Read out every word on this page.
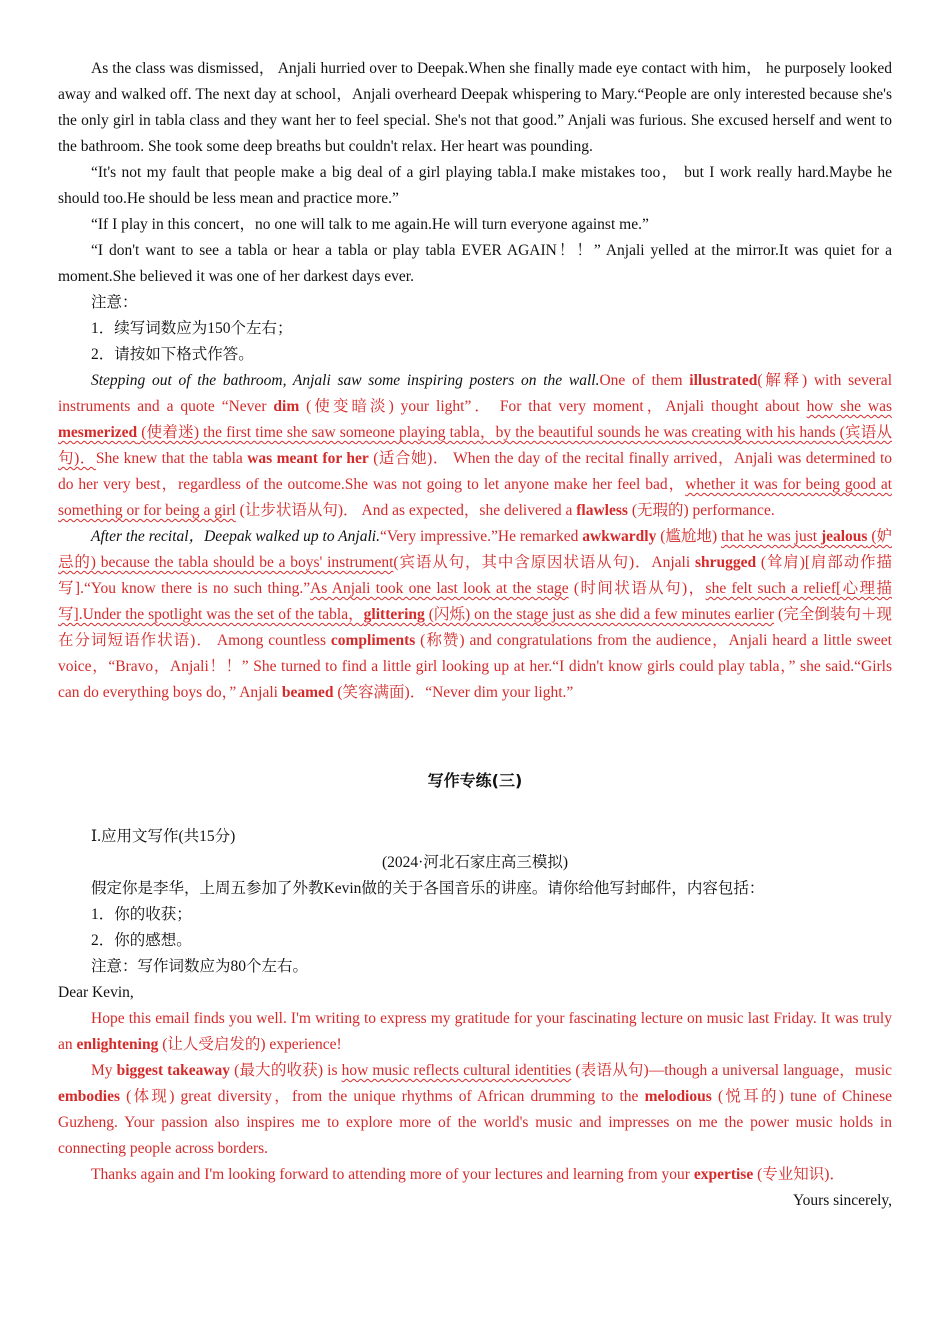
As the class was dismissed， Anjali hurried over to Deepak.When she finally made eye contact with him， he purposely looked away and walked off. The next day at school，Anjali overheard Deepak whispering to Mary.“People are only interested because she's the only girl in tabla class and they want her to feel special. She's not that good.” Anjali was furious. She excused herself and went to the bathroom. She took some deep breaths but couldn't relax. Her heart was pounding.

“It's not my fault that people make a big deal of a girl playing tabla.I make mistakes too， but I work really hard.Maybe he should too.He should be less mean and practice more.”

“If I play in this concert，no one will talk to me again.He will turn everyone against me.”

“I don't want to see a tabla or hear a tabla or play tabla EVER AGAIN！！” Anjali yelled at the mirror.It was quiet for a moment.She believed it was one of her darkest days ever.

注意：

1．续写词数应为150个左右；

2．请按如下格式作答。

Stepping out of the bathroom, Anjali saw some inspiring posters on the wall.One of them illustrated(解释) with several instruments and a quote “Never dim (使变暗淡) your light”． For that very moment，Anjali thought about how she was mesmerized (使着迷) the first time she saw someone playing tabla，by the beautiful sounds he was creating with his hands (宾语从句)．She knew that the tabla was meant for her (适合她)． When the day of the recital finally arrived，Anjali was determined to do her very best，regardless of the outcome.She was not going to let anyone make her feel bad，whether it was for being good at something or for being a girl (让步状语从句)． And as expected，she delivered a flawless (无瑕的) performance.

After the recital，Deepak walked up to Anjali.“Very impressive.”He remarked awkwardly (尴尬地) that he was just jealous (妒忌的) because the tabla should be a boys' instrument(宾语从句，其中含原因状语从句)．Anjali shrugged (耸肩)[肩部动作描写].“You know there is no such thing.”As Anjali took one last look at the stage (时间状语从句)，she felt such a relief[心理描写].Under the spotlight was the set of the tabla，glittering (闪烁) on the stage just as she did a few minutes earlier (完全倒装句＋现在分词短语作状语)． Among countless compliments (称赞) and congratulations from the audience，Anjali heard a little sweet voice，“Bravo，Anjali！！” She turned to find a little girl looking up at her.“I didn't know girls could play tabla，” she said.“Girls can do everything boys do，” Anjali beamed (笑容满面)．“Never dim your light.”

写作专练(三)

Ⅰ.应用文写作(共15分)

(2024·河北石家庄高三模拟)

假定你是李华，上周五参加了外教Kevin做的关于各国音乐的讲座。请你给他写封邮件，内容包括：

1．你的收获；

2．你的感想。

注意：写作词数应为80个左右。

Dear Kevin,

Hope this email finds you well. I'm writing to express my gratitude for your fascinating lecture on music last Friday. It was truly an enlightening (让人受启发的) experience!

My biggest takeaway (最大的收获) is how music reflects cultural identities (表语从句)—though a universal language，music embodies (体现) great diversity，from the unique rhythms of African drumming to the melodious (悦耳的) tune of Chinese Guzheng. Your passion also inspires me to explore more of the world's music and impresses on me the power music holds in connecting people across borders.

Thanks again and I'm looking forward to attending more of your lectures and learning from your expertise (专业知识)．

Yours sincerely,
